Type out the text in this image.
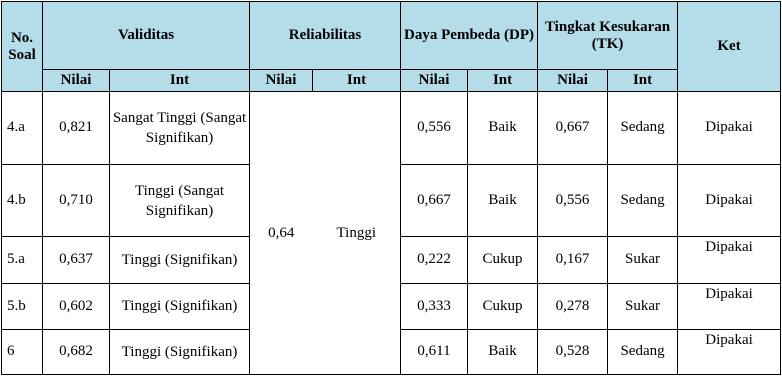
No. Soal	Validitas		Reliabilitas		Daya Pembeda (DP)		Tingkat Kesukaran (TK)		Ket
	Nilai	Int	Nilai	Int	Nilai	Int	Nilai	Int	
4.a	0,821	Sangat Tinggi (Sangat Signifikan)	0,64	Tinggi	0,556	Baik	0,667	Sedang	Dipakai
4.b	0,710	Tinggi (Sangat Signifikan)			0,667	Baik	0,556	Sedang	Dipakai
5.a	0,637	Tinggi (Signifikan)			0,222	Cukup	0,167	Sukar	Dipakai
5.b	0,602	Tinggi (Signifikan)			0,333	Cukup	0,278	Sukar	Dipakai
6	0,682	Tinggi (Signifikan)			0,611	Baik	0,528	Sedang	Dipakai
